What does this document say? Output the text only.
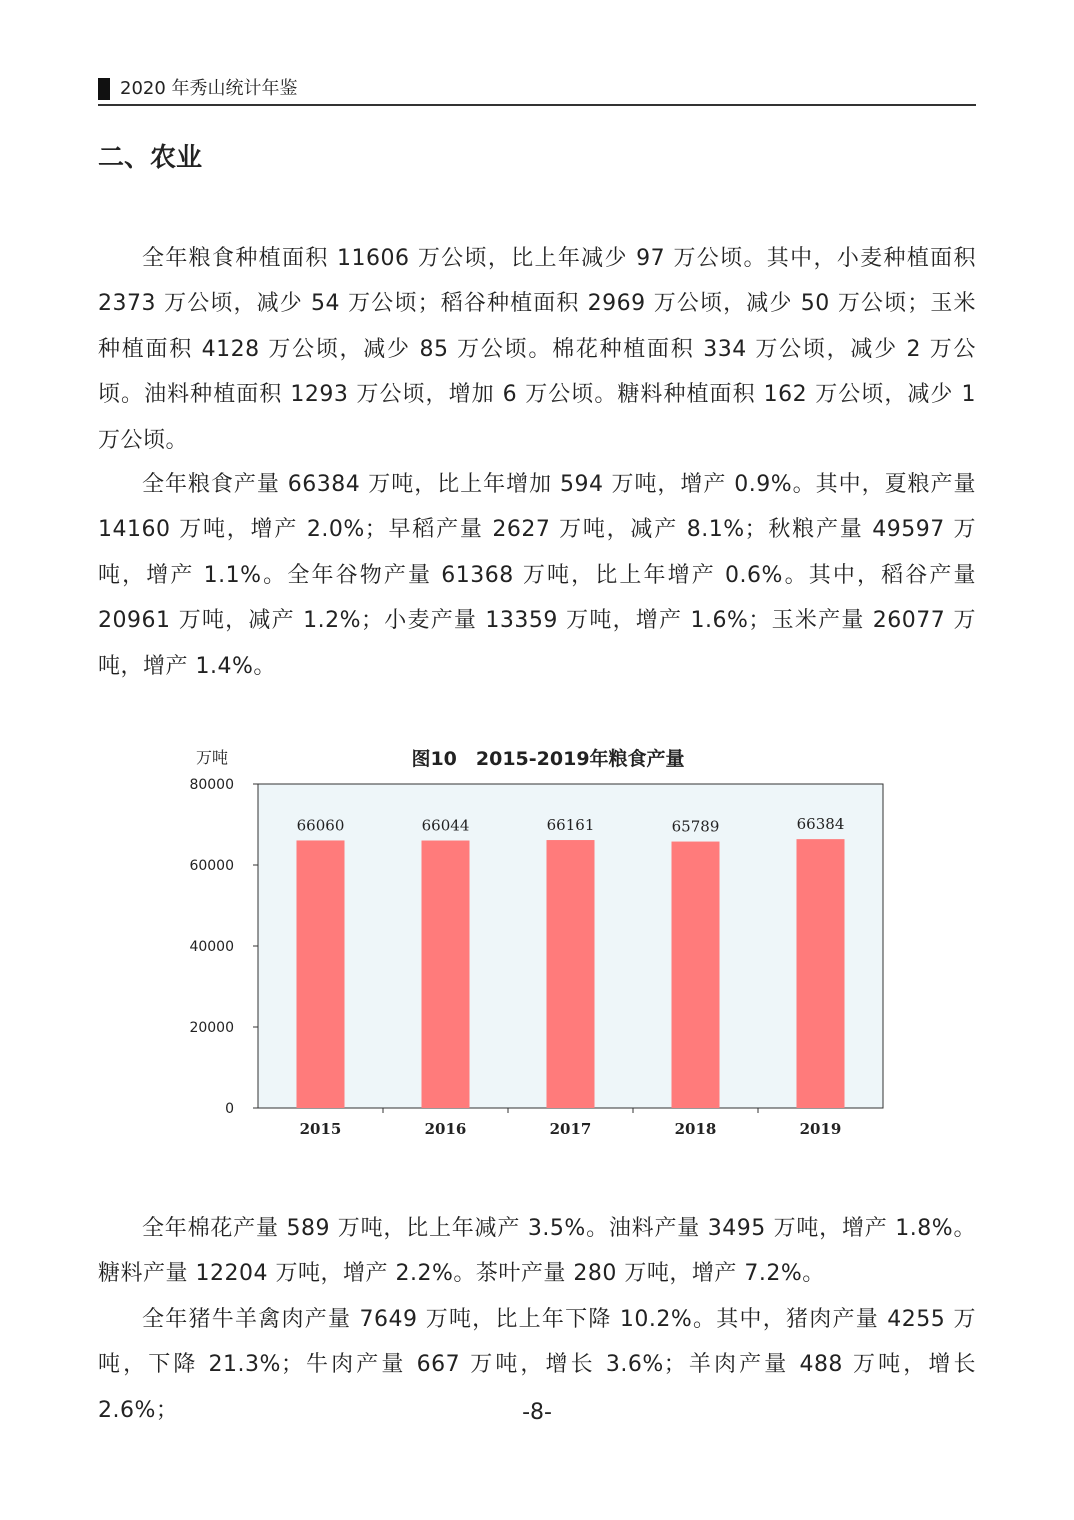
2020 年秀山统计年鉴
二、农业

全年粮食种植面积 11606 万公顷，比上年减少 97 万公顷。其中，小麦种植面积 2373 万公顷，减少 54 万公顷；稻谷种植面积 2969 万公顷，减少 50 万公顷；玉米种植面积 4128 万公顷，减少 85 万公顷。棉花种植面积 334 万公顷，减少 2 万公顷。油料种植面积 1293 万公顷，增加 6 万公顷。糖料种植面积 162 万公顷，减少 1 万公顷。

全年粮食产量 66384 万吨，比上年增加 594 万吨，增产 0.9%。其中，夏粮产量 14160 万吨，增产 2.0%；早稻产量 2627 万吨，减产 8.1%；秋粮产量 49597 万吨，增产 1.1%。全年谷物产量 61368 万吨，比上年增产 0.6%。其中，稻谷产量 20961 万吨，减产 1.2%；小麦产量 13359 万吨，增产 1.6%；玉米产量 26077 万吨，增产 1.4%。

图10　2015-2019年粮食产量
万吨
0
20000
40000
60000
80000
66060
2015
66044
2016
66161
2017
65789
2018
66384
2019

全年棉花产量 589 万吨，比上年减产 3.5%。油料产量 3495 万吨，增产 1.8%。糖料产量 12204 万吨，增产 2.2%。茶叶产量 280 万吨，增产 7.2%。

全年猪牛羊禽肉产量 7649 万吨，比上年下降 10.2%。其中，猪肉产量 4255 万吨，下降 21.3%；牛肉产量 667 万吨，增长 3.6%；羊肉产量 488 万吨，增长 2.6%；	-8-
